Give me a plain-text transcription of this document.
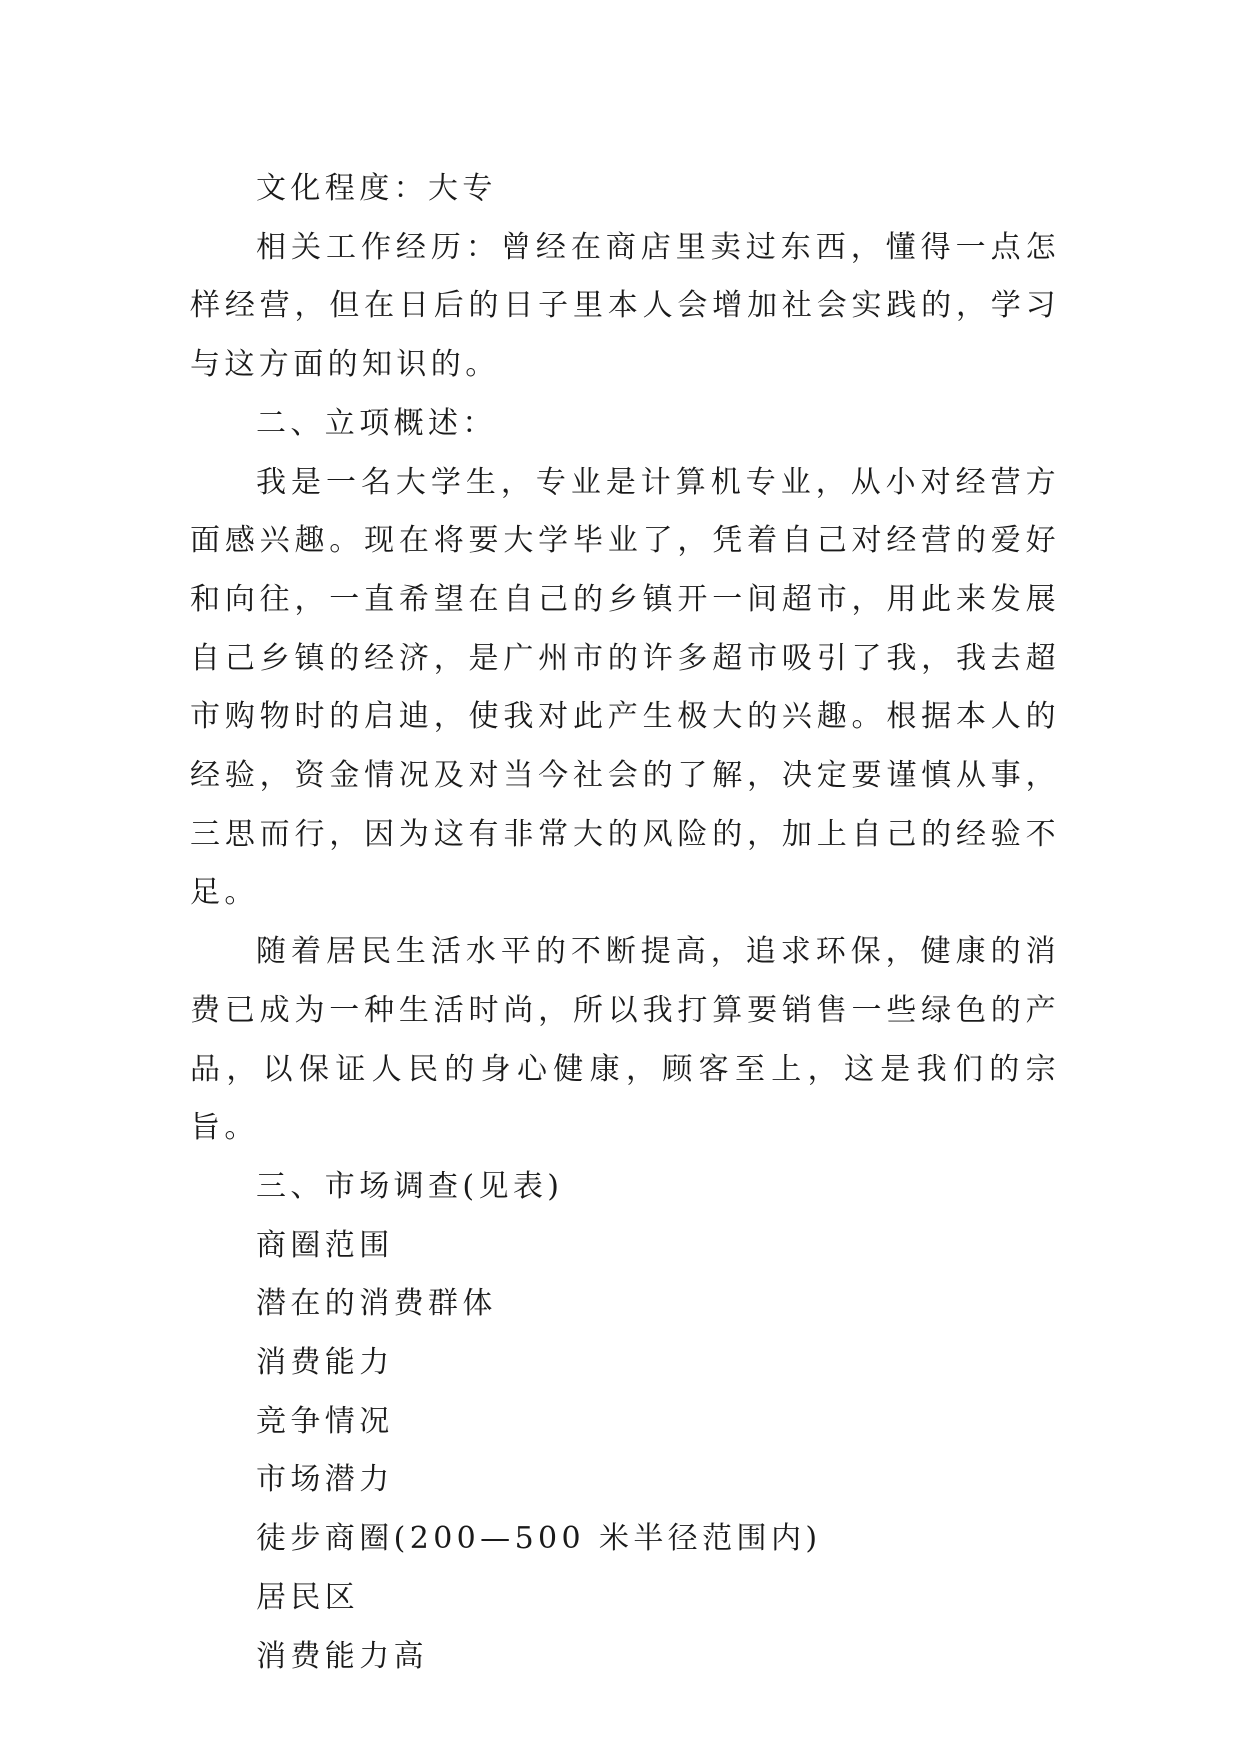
文化程度：大专

相关工作经历：曾经在商店里卖过东西，懂得一点怎样经营，但在日后的日子里本人会增加社会实践的，学习与这方面的知识的。

二、立项概述：

我是一名大学生，专业是计算机专业，从小对经营方面感兴趣。现在将要大学毕业了，凭着自己对经营的爱好和向往，一直希望在自己的乡镇开一间超市，用此来发展自己乡镇的经济，是广州市的许多超市吸引了我，我去超市购物时的启迪，使我对此产生极大的兴趣。根据本人的经验，资金情况及对当今社会的了解，决定要谨慎从事，三思而行，因为这有非常大的风险的，加上自己的经验不足。

随着居民生活水平的不断提高，追求环保，健康的消费已成为一种生活时尚，所以我打算要销售一些绿色的产品，以保证人民的身心健康，顾客至上，这是我们的宗旨。

三、市场调查(见表)

商圈范围

潜在的消费群体

消费能力

竞争情况

市场潜力

徒步商圈(200—500 米半径范围内)

居民区

消费能力高
